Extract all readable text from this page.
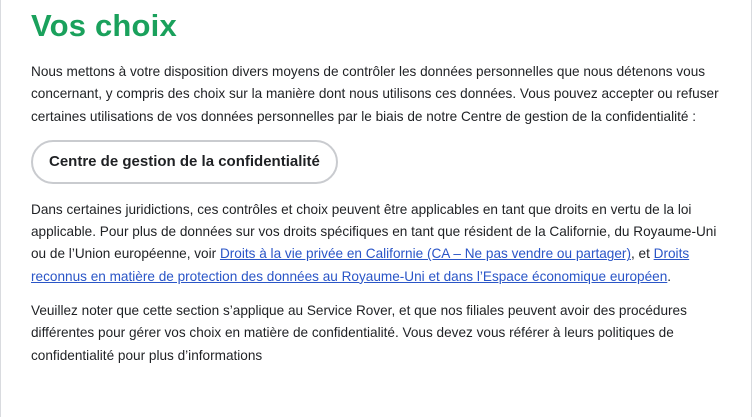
Vos choix

Nous mettons à votre disposition divers moyens de contrôler les données personnelles que nous détenons vous concernant, y compris des choix sur la manière dont nous utilisons ces données. Vous pouvez accepter ou refuser certaines utilisations de vos données personnelles par le biais de notre Centre de gestion de la confidentialité :

Centre de gestion de la confidentialité

Dans certaines juridictions, ces contrôles et choix peuvent être applicables en tant que droits en vertu de la loi applicable. Pour plus de données sur vos droits spécifiques en tant que résident de la Californie, du Royaume-Uni ou de l’Union européenne, voir Droits à la vie privée en Californie (CA – Ne pas vendre ou partager), et Droits reconnus en matière de protection des données au Royaume-Uni et dans l’Espace économique européen.

Veuillez noter que cette section s’applique au Service Rover, et que nos filiales peuvent avoir des procédures différentes pour gérer vos choix en matière de confidentialité. Vous devez vous référer à leurs politiques de confidentialité pour plus d’informations
